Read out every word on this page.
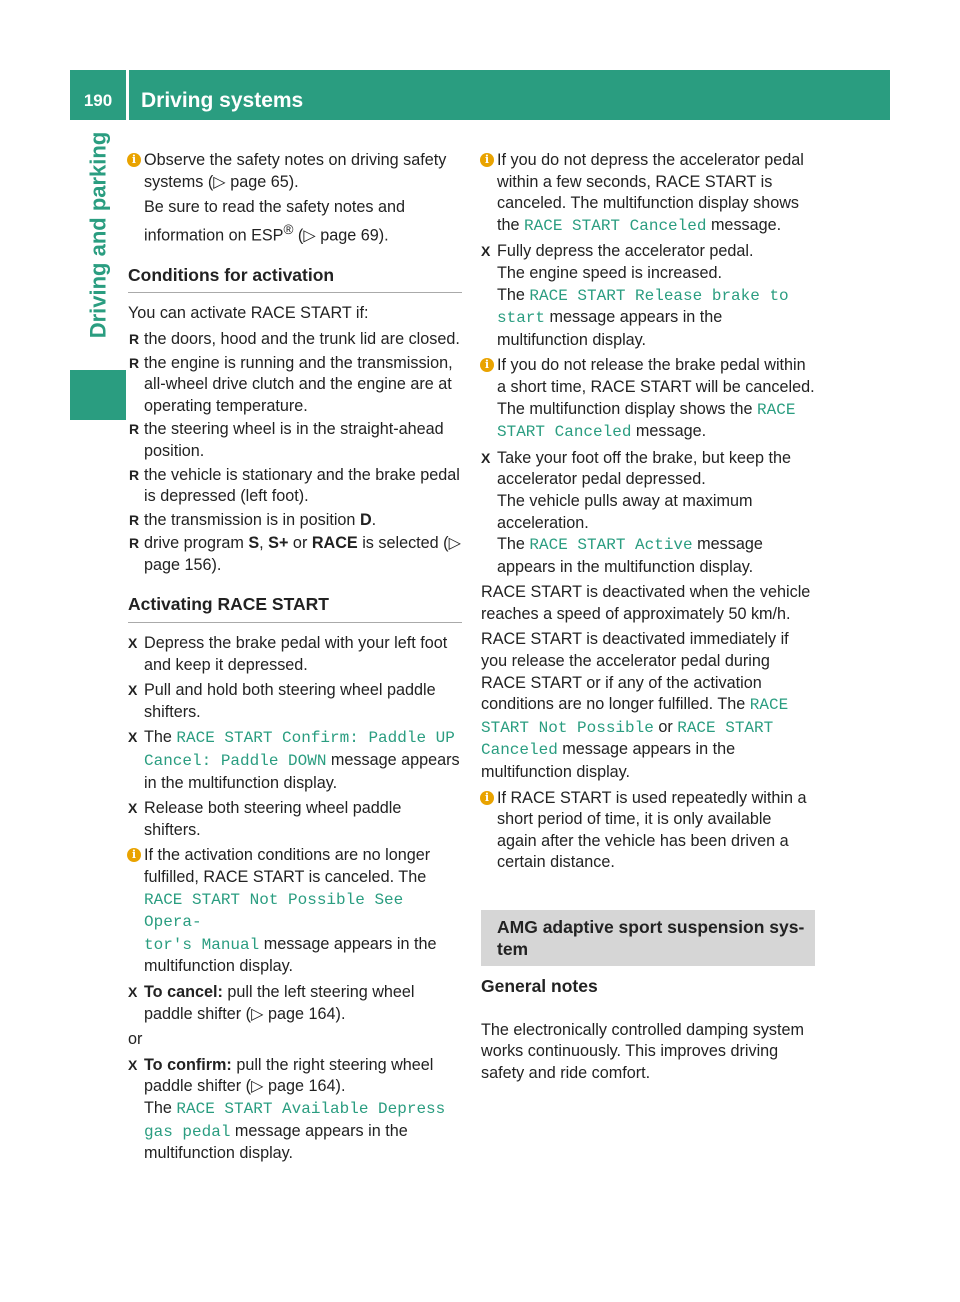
190	Driving systems
Driving and parking	i Observe the safety notes on driving safety systems (▷ page 65).

Be sure to read the safety notes and information on ESP® (▷ page 69).

Conditions for activation

You can activate RACE START if:

R the doors, hood and the trunk lid are closed.
R the engine is running and the transmission, all-wheel drive clutch and the engine are at operating temperature.
R the steering wheel is in the straight-ahead position.
R the vehicle is stationary and the brake pedal is depressed (left foot).
R the transmission is in position D.
R drive program S, S+ or RACE is selected (▷ page 156).
Activating RACE START
X Depress the brake pedal with your left foot and keep it depressed.
X Pull and hold both steering wheel paddle shifters.
X The RACE START Confirm: Paddle UP
Cancel: Paddle DOWN message appears in the multifunction display.
X Release both steering wheel paddle shifters.
i If the activation conditions are no longer fulfilled, RACE START is canceled. The
RACE START Not Possible See Opera‑
tor's Manual message appears in the multifunction display.
X To cancel: pull the left steering wheel paddle shifter (▷ page 164).

or

X To confirm: pull the right steering wheel paddle shifter (▷ page 164).
The RACE START Available Depress
gas pedal message appears in the multifunction display.
i If you do not depress the accelerator pedal within a few seconds, RACE START is canceled. The multifunction display shows the RACE START Canceled message.
X Fully depress the accelerator pedal.
The engine speed is increased.
The RACE START Release brake to
start message appears in the multifunction display.
i If you do not release the brake pedal within a short time, RACE START will be canceled. The multifunction display shows the RACE START Canceled message.
X Take your foot off the brake, but keep the accelerator pedal depressed.
The vehicle pulls away at maximum acceleration.
The RACE START Active message appears in the multifunction display.

RACE START is deactivated when the vehicle reaches a speed of approximately 50 km/h.

RACE START is deactivated immediately if you release the accelerator pedal during RACE START or if any of the activation conditions are no longer fulfilled. The RACE START Not Possible or RACE START Canceled message appears in the multifunction display.

i If RACE START is used repeatedly within a short period of time, it is only available again after the vehicle has been driven a certain distance.
AMG adaptive sport suspension sys-
tem
General notes

The electronically controlled damping system works continuously. This improves driving safety and ride comfort.
